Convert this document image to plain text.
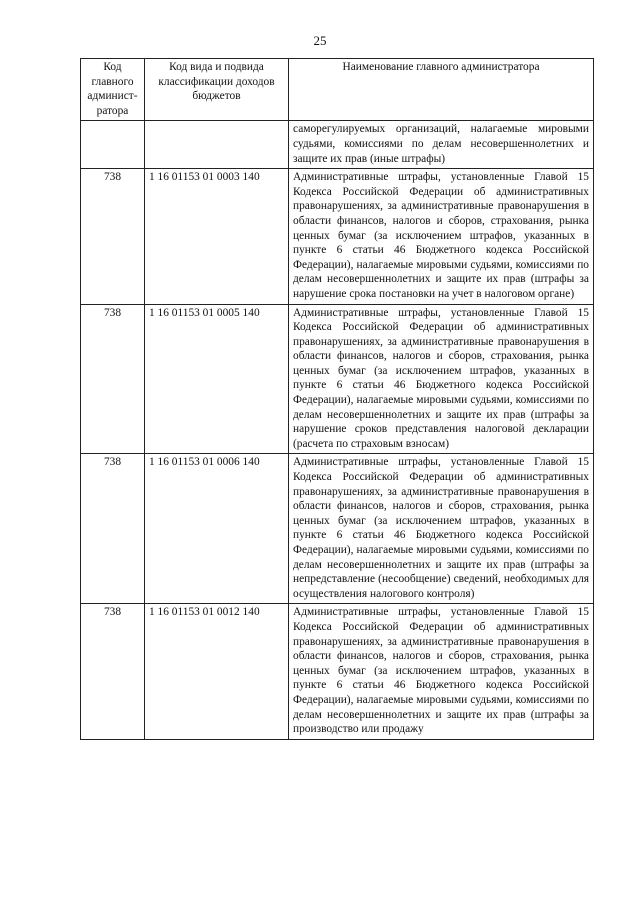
25
Код главного админист-ратора	Код вида и подвида классификации доходов бюджетов	Наименование главного администратора
		саморегулируемых организаций, налагаемые мировыми судьями, комиссиями по делам несовершеннолетних и защите их прав (иные штрафы)
738	1 16 01153 01 0003 140	Административные штрафы, установленные Главой 15 Кодекса Российской Федерации об административных правонарушениях, за административные правонарушения в области финансов, налогов и сборов, страхования, рынка ценных бумаг (за исключением штрафов, указанных в пункте 6 статьи 46 Бюджетного кодекса Российской Федерации), налагаемые мировыми судьями, комиссиями по делам несовершеннолетних и защите их прав (штрафы за нарушение срока постановки на учет в налоговом органе)
738	1 16 01153 01 0005 140	Административные штрафы, установленные Главой 15 Кодекса Российской Федерации об административных правонарушениях, за административные правонарушения в области финансов, налогов и сборов, страхования, рынка ценных бумаг (за исключением штрафов, указанных в пункте 6 статьи 46 Бюджетного кодекса Российской Федерации), налагаемые мировыми судьями, комиссиями по делам несовершеннолетних и защите их прав (штрафы за нарушение сроков представления налоговой декларации (расчета по страховым взносам)
738	1 16 01153 01 0006 140	Административные штрафы, установленные Главой 15 Кодекса Российской Федерации об административных правонарушениях, за административные правонарушения в области финансов, налогов и сборов, страхования, рынка ценных бумаг (за исключением штрафов, указанных в пункте 6 статьи 46 Бюджетного кодекса Российской Федерации), налагаемые мировыми судьями, комиссиями по делам несовершеннолетних и защите их прав (штрафы за непредставление (несообщение) сведений, необходимых для осуществления налогового контроля)
738	1 16 01153 01 0012 140	Административные штрафы, установленные Главой 15 Кодекса Российской Федерации об административных правонарушениях, за административные правонарушения в области финансов, налогов и сборов, страхования, рынка ценных бумаг (за исключением штрафов, указанных в пункте 6 статьи 46 Бюджетного кодекса Российской Федерации), налагаемые мировыми судьями, комиссиями по делам несовершеннолетних и защите их прав (штрафы за производство или продажу
